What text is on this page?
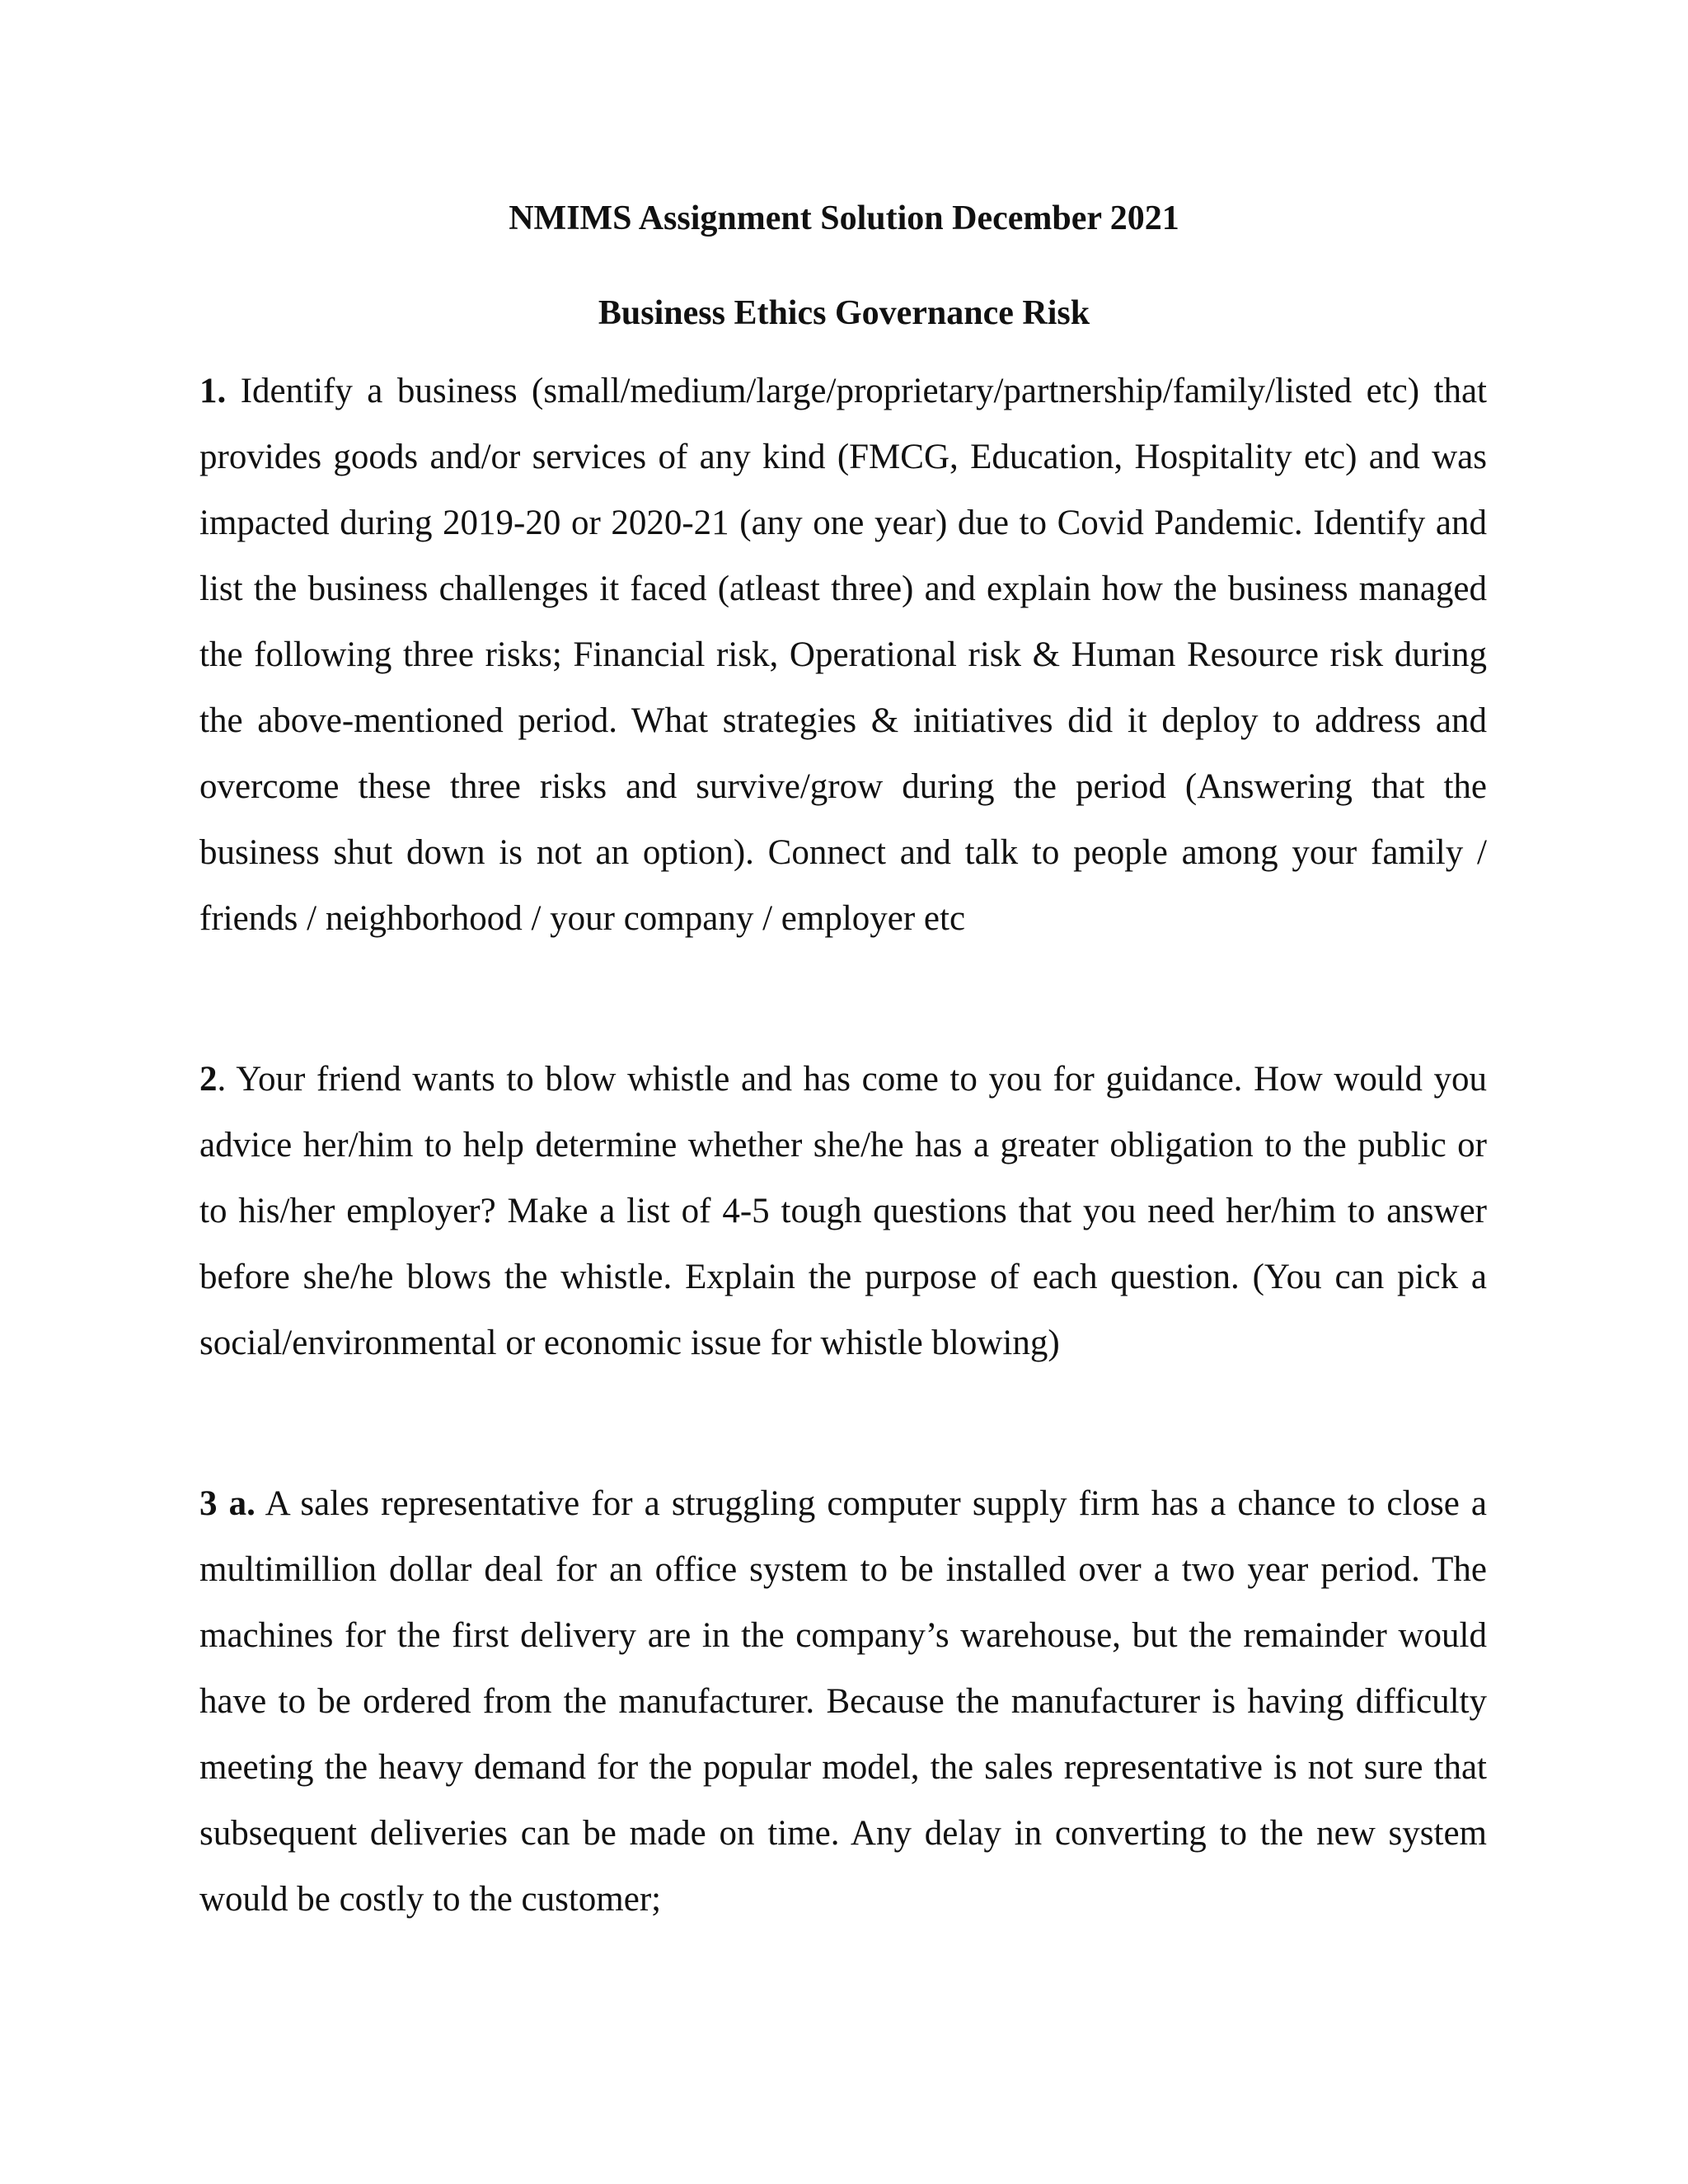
NMIMS Assignment Solution December 2021
Business Ethics Governance Risk

1. Identify a business (small/medium/large/proprietary/partnership/family/listed etc) that provides goods and/or services of any kind (FMCG, Education, Hospitality etc) and was impacted during 2019-20 or 2020-21 (any one year) due to Covid Pandemic. Identify and list the business challenges it faced (atleast three) and explain how the business managed the following three risks; Financial risk, Operational risk & Human Resource risk during the above-mentioned period. What strategies & initiatives did it deploy to address and overcome these three risks and survive/grow during the period (Answering that the business shut down is not an option). Connect and talk to people among your family / friends / neighborhood / your company / employer etc

2. Your friend wants to blow whistle and has come to you for guidance. How would you advice her/him to help determine whether she/he has a greater obligation to the public or to his/her employer? Make a list of 4-5 tough questions that you need her/him to answer before she/he blows the whistle. Explain the purpose of each question. (You can pick a social/environmental or economic issue for whistle blowing)

3 a. A sales representative for a struggling computer supply firm has a chance to close a multimillion dollar deal for an office system to be installed over a two year period. The machines for the first delivery are in the company’s warehouse, but the remainder would have to be ordered from the manufacturer. Because the manufacturer is having difficulty meeting the heavy demand for the popular model, the sales representative is not sure that subsequent deliveries can be made on time. Any delay in converting to the new system would be costly to the customer;
